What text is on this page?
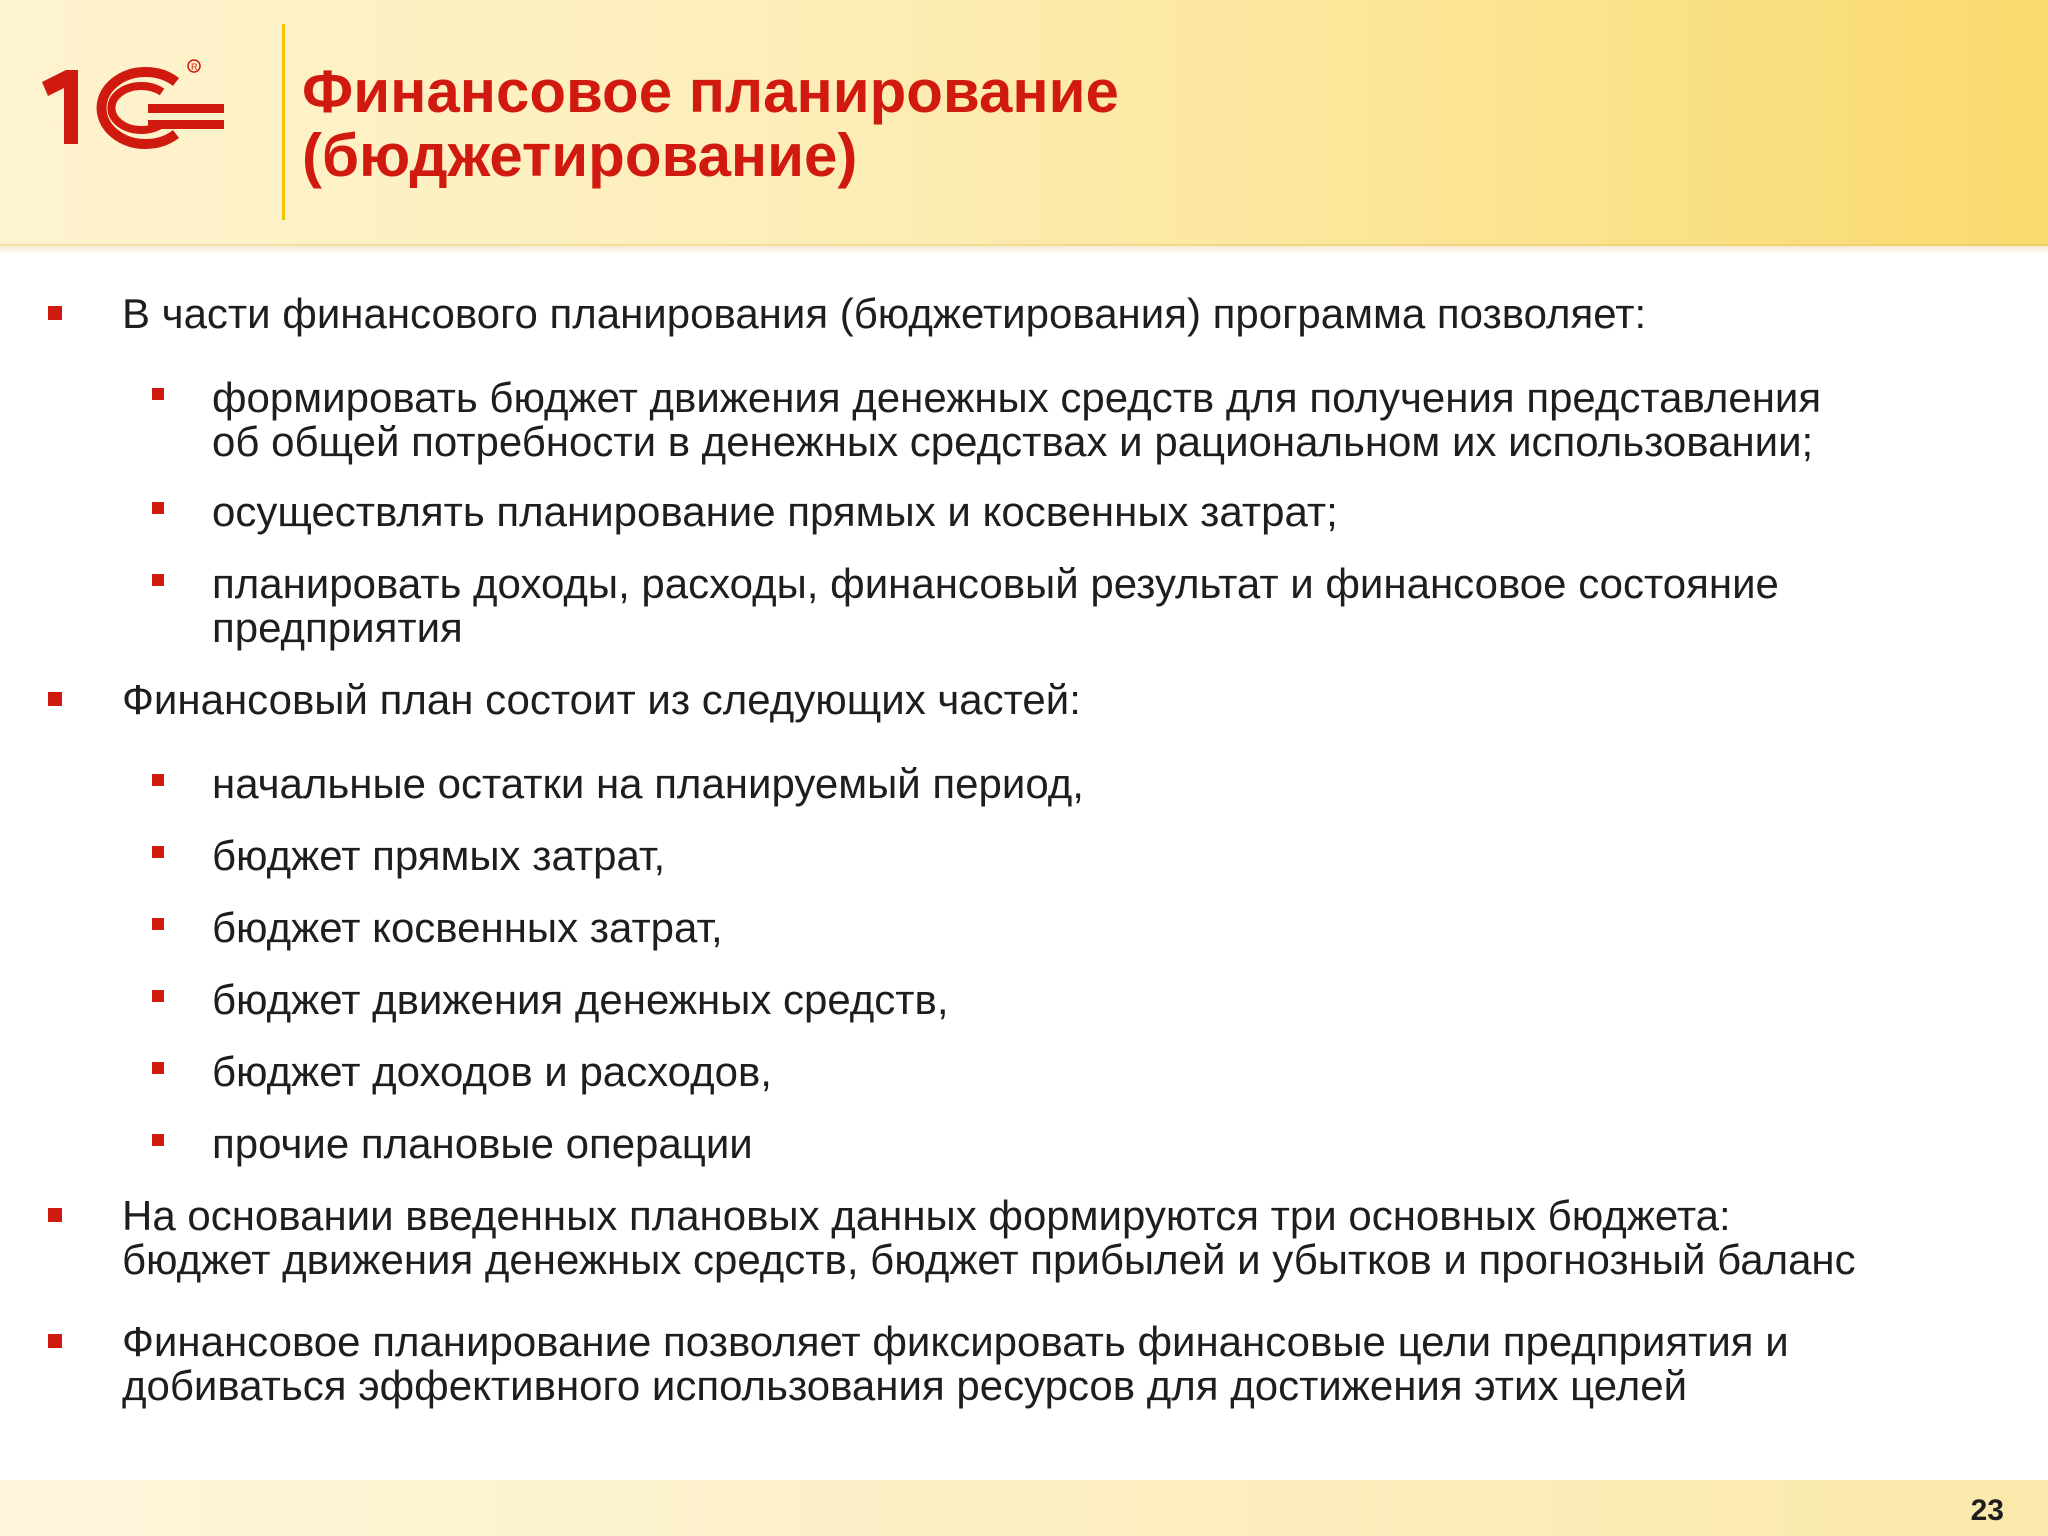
R Финансовое планирование
(бюджетирование)
В части финансового планирования (бюджетирования) программа позволяет:
формировать бюджет движения денежных средств для получения представления
об общей потребности в денежных средствах и рациональном их использовании;
осуществлять планирование прямых и косвенных затрат;
планировать доходы, расходы, финансовый результат и финансовое состояние
предприятия
Финансовый план состоит из следующих частей:
начальные остатки на планируемый период,
бюджет прямых затрат,
бюджет косвенных затрат,
бюджет движения денежных средств,
бюджет доходов и расходов,
прочие плановые операции
На основании введенных плановых данных формируются три основных бюджета:
бюджет движения денежных средств, бюджет прибылей и убытков и прогнозный баланс
Финансовое планирование позволяет фиксировать финансовые цели предприятия и
добиваться эффективного использования ресурсов для достижения этих целей
23
